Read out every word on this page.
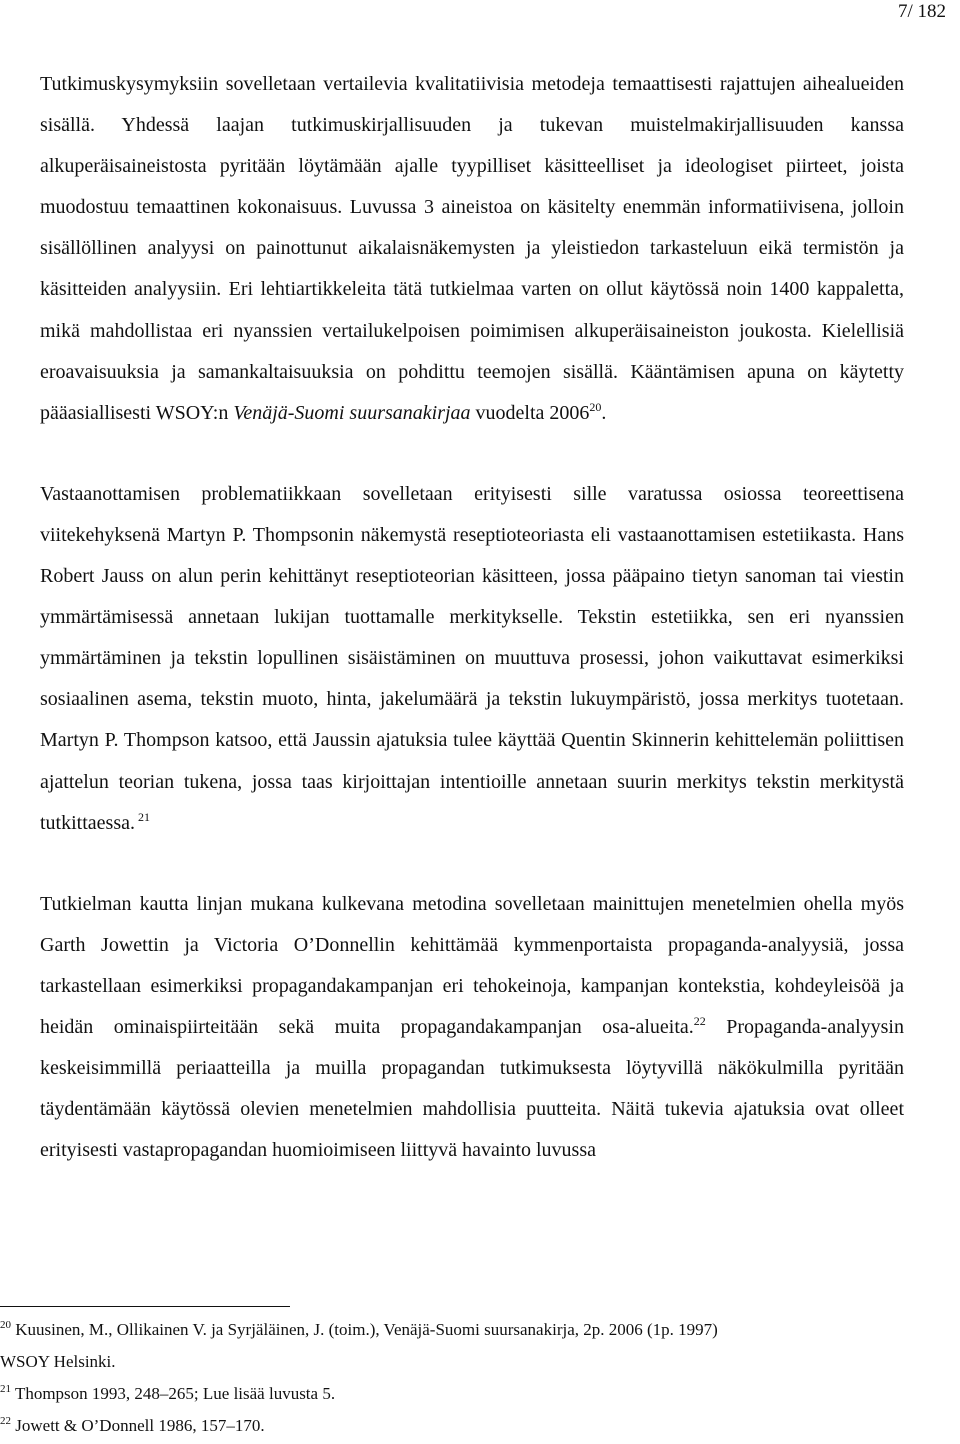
7/ 182

Tutkimuskysymyksiin sovelletaan vertailevia kvalitatiivisia metodeja temaattisesti rajattujen aihealueiden sisällä. Yhdessä laajan tutkimuskirjallisuuden ja tukevan muistelmakirjallisuuden kanssa alkuperäisaineistosta pyritään löytämään ajalle tyypilliset käsitteelliset ja ideologiset piirteet, joista muodostuu temaattinen kokonaisuus. Luvussa 3 aineistoa on käsitelty enemmän informatiivisena, jolloin sisällöllinen analyysi on painottunut aikalaisnäkemysten ja yleistiedon tarkasteluun eikä termistön ja käsitteiden analyysiin. Eri lehtiartikkeleita tätä tutkielmaa varten on ollut käytössä noin 1400 kappaletta, mikä mahdollistaa eri nyanssien vertailukelpoisen poimimisen alkuperäisaineiston joukosta. Kielellisiä eroavaisuuksia ja samankaltaisuuksia on pohdittu teemojen sisällä. Kääntämisen apuna on käytetty pääasiallisesti WSOY:n Venäjä-Suomi suursanakirjaa vuodelta 2006$^{20}$.

Vastaanottamisen problematiikkaan sovelletaan erityisesti sille varatussa osiossa teoreettisena viitekehyksenä Martyn P. Thompsonin näkemystä reseptioteoriasta eli vastaanottamisen estetiikasta. Hans Robert Jauss on alun perin kehittänyt reseptioteorian käsitteen, jossa pääpaino tietyn sanoman tai viestin ymmärtämisessä annetaan lukijan tuottamalle merkitykselle. Tekstin estetiikka, sen eri nyanssien ymmärtäminen ja tekstin lopullinen sisäistäminen on muuttuva prosessi, johon vaikuttavat esimerkiksi sosiaalinen asema, tekstin muoto, hinta, jakelumäärä ja tekstin lukuympäristö, jossa merkitys tuotetaan. Martyn P. Thompson katsoo, että Jaussin ajatuksia tulee käyttää Quentin Skinnerin kehittelemän poliittisen ajattelun teorian tukena, jossa taas kirjoittajan intentioille annetaan suurin merkitys tekstin merkitystä tutkittaessa. $^{21}$

Tutkielman kautta linjan mukana kulkevana metodina sovelletaan mainittujen menetelmien ohella myös Garth Jowettin ja Victoria O’Donnellin kehittämää kymmenportaista propaganda-analyysiä, jossa tarkastellaan esimerkiksi propagandakampanjan eri tehokeinoja, kampanjan kontekstia, kohdeyleisöä ja heidän ominaispiirteitään sekä muita propagandakampanjan osa-alueita.$^{22}$ Propaganda-analyysin keskeisimmillä periaatteilla ja muilla propagandan tutkimuksesta löytyvillä näkökulmilla pyritään täydentämään käytössä olevien menetelmien mahdollisia puutteita. Näitä tukevia ajatuksia ovat olleet erityisesti vastapropagandan huomioimiseen liittyvä havainto luvussa

$^{20}$ Kuusinen, M., Ollikainen V. ja Syrjäläinen, J. (toim.), Venäjä-Suomi suursanakirja, 2p. 2006 (1p. 1997)

WSOY Helsinki.

$^{21}$ Thompson 1993, 248–265; Lue lisää luvusta 5.

$^{22}$ Jowett & O’Donnell 1986, 157–170.
